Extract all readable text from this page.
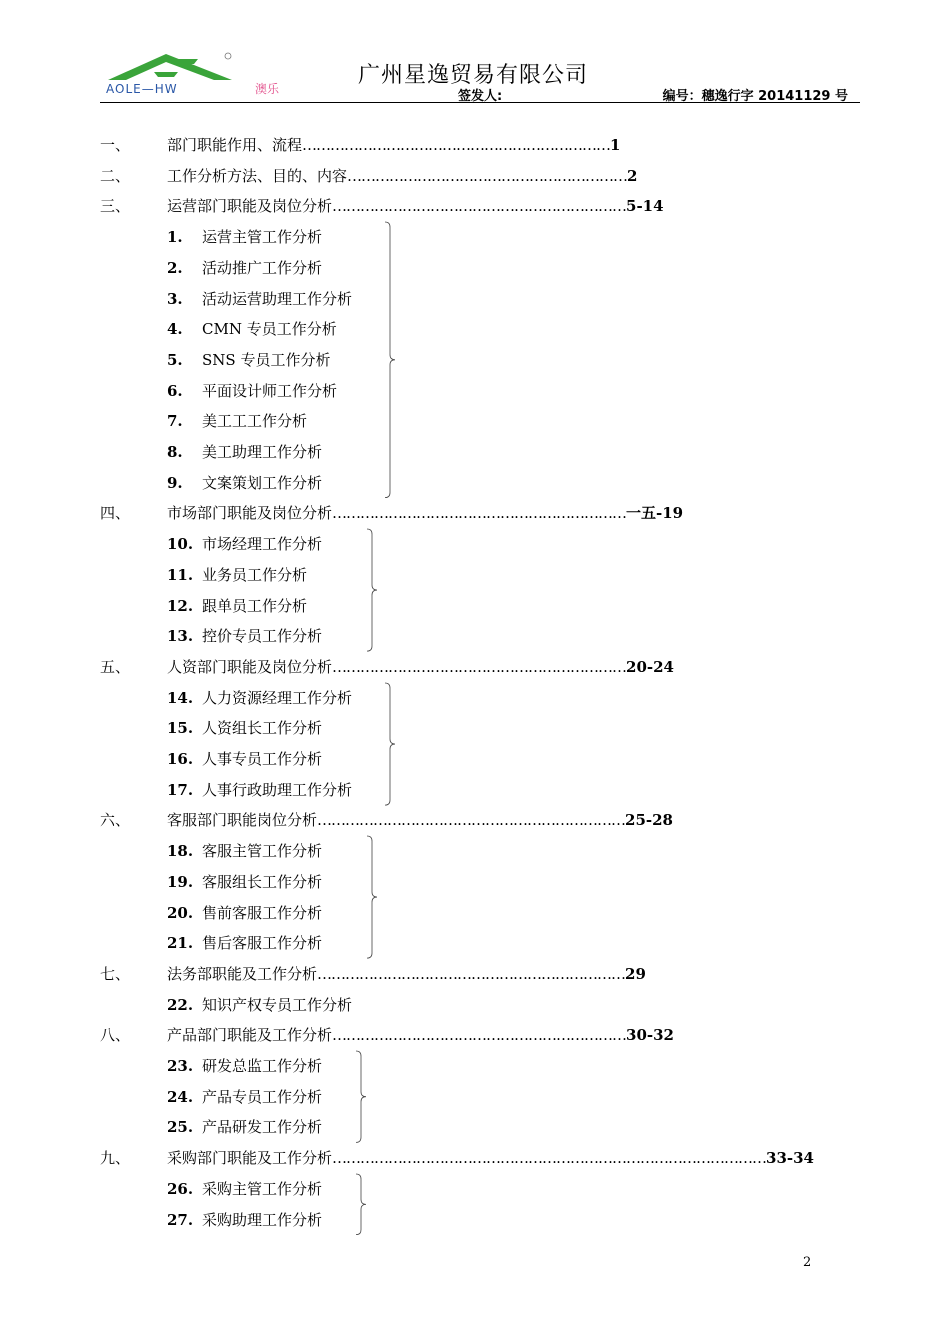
AOLE—HW	澳乐
广州星逸贸易有限公司
签发人:	编号：穗逸行字 20141129 号
一、 部门职能作用、流程…………………………………………………………1
二、 工作分析方法、目的、内容……………………………………………………2
三、 运营部门职能及岗位分析………………………………………………………5-14
1. 运营主管工作分析
2. 活动推广工作分析
3. 活动运营助理工作分析
4. CMN 专员工作分析
5. SNS 专员工作分析
6. 平面设计师工作分析
7. 美工工工作分析
8. 美工助理工作分析
9. 文案策划工作分析
四、 市场部门职能及岗位分析………………………………………………………一五-19
10. 市场经理工作分析
11. 业务员工作分析
12. 跟单员工作分析
13. 控价专员工作分析
五、 人资部门职能及岗位分析………………………………………………………20-24
14. 人力资源经理工作分析
15. 人资组长工作分析
16. 人事专员工作分析
17. 人事行政助理工作分析
六、 客服部门职能岗位分析…………………………………………………………25-28
18. 客服主管工作分析
19. 客服组长工作分析
20. 售前客服工作分析
21. 售后客服工作分析
七、 法务部职能及工作分析…………………………………………………………29
22. 知识产权专员工作分析
八、 产品部门职能及工作分析………………………………………………………30-32
23. 研发总监工作分析
24. 产品专员工作分析
25. 产品研发工作分析
九、 采购部门职能及工作分析…………………………………………………………………………………33-34
26. 采购主管工作分析
27. 采购助理工作分析
2
